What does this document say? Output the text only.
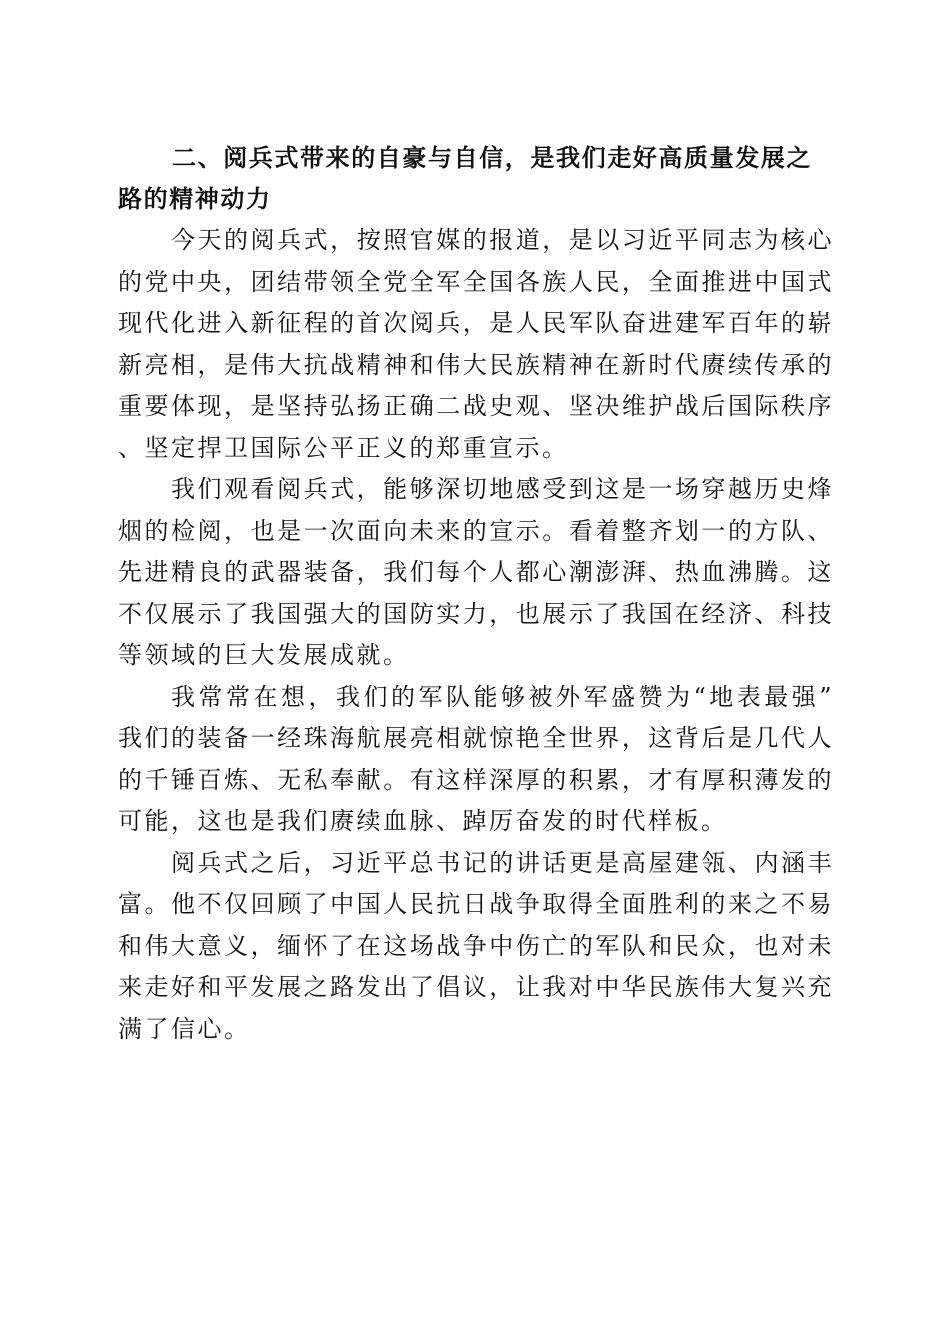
二、阅兵式带来的自豪与自信，是我们走好高质量发展之路的精神动力

今天的阅兵式，按照官媒的报道，是以习近平同志为核心的党中央，团结带领全党全军全国各族人民，全面推进中国式现代化进入新征程的首次阅兵，是人民军队奋进建军百年的崭新亮相，是伟大抗战精神和伟大民族精神在新时代赓续传承的重要体现，是坚持弘扬正确二战史观、坚决维护战后国际秩序、坚定捍卫国际公平正义的郑重宣示。

我们观看阅兵式，能够深切地感受到这是一场穿越历史烽烟的检阅，也是一次面向未来的宣示。看着整齐划一的方队、先进精良的武器装备，我们每个人都心潮澎湃、热血沸腾。这不仅展示了我国强大的国防实力，也展示了我国在经济、科技等领域的巨大发展成就。

我常常在想，我们的军队能够被外军盛赞为“地表最强”我们的装备一经珠海航展亮相就惊艳全世界，这背后是几代人的千锤百炼、无私奉献。有这样深厚的积累，才有厚积薄发的可能，这也是我们赓续血脉、踔厉奋发的时代样板。

阅兵式之后，习近平总书记的讲话更是高屋建瓴、内涵丰富。他不仅回顾了中国人民抗日战争取得全面胜利的来之不易和伟大意义，缅怀了在这场战争中伤亡的军队和民众，也对未来走好和平发展之路发出了倡议，让我对中华民族伟大复兴充满了信心。
